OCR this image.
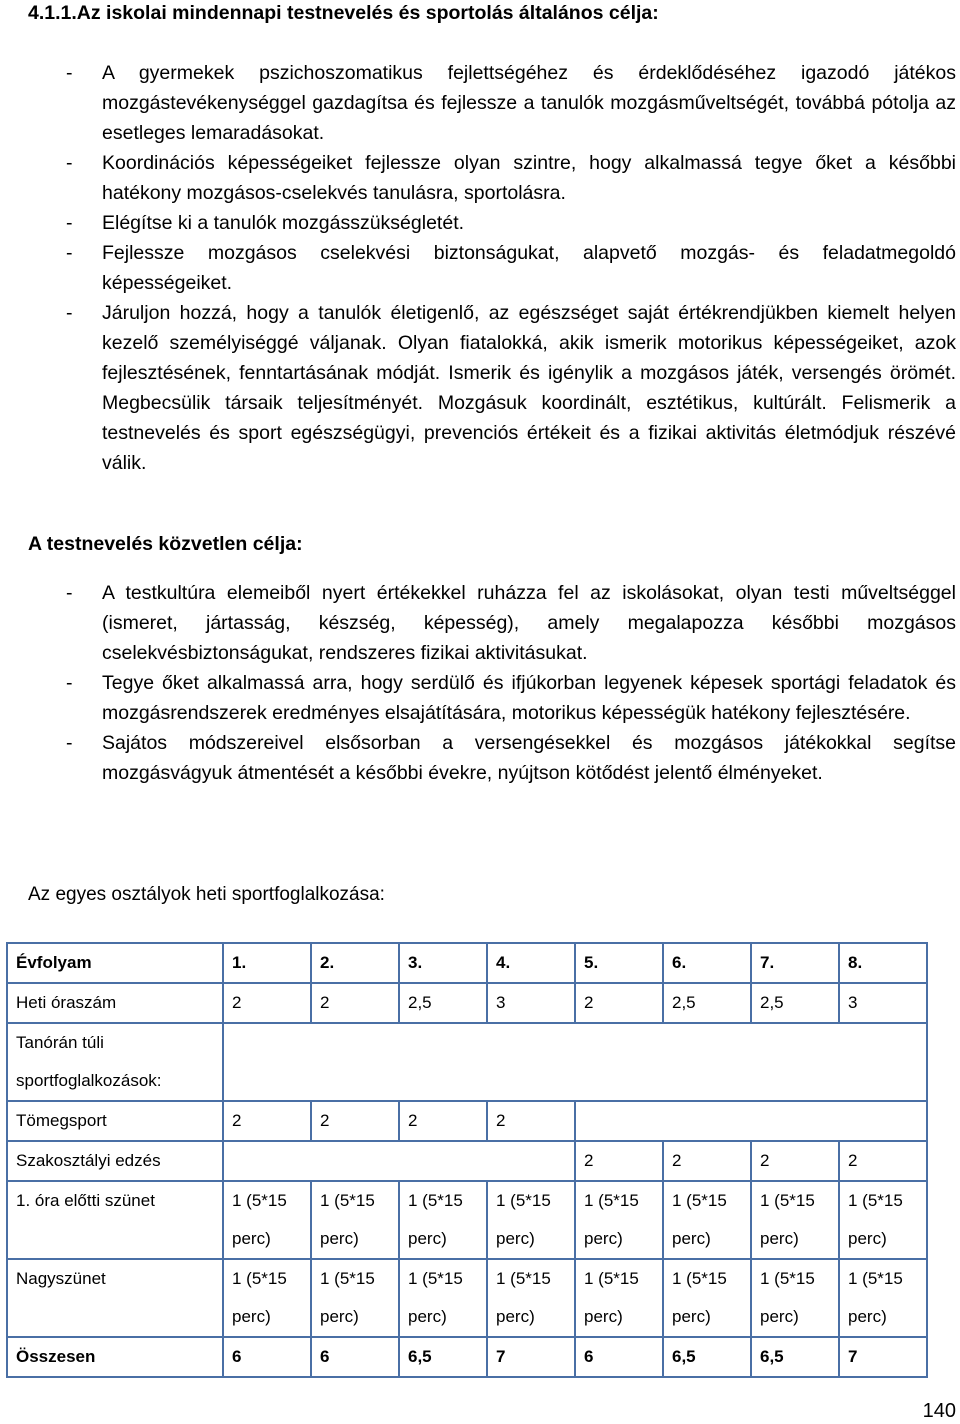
4.1.1.Az iskolai mindennapi testnevelés és sportolás általános célja:
- A gyermekek pszichoszomatikus fejlettségéhez és érdeklődéséhez igazodó játékos mozgástevékenységgel gazdagítsa és fejlessze a tanulók mozgásműveltségét, továbbá pótolja az esetleges lemaradásokat.
- Koordinációs képességeiket fejlessze olyan szintre, hogy alkalmassá tegye őket a későbbi hatékony mozgásos-cselekvés tanulásra, sportolásra.
- Elégítse ki a tanulók mozgásszükségletét.
- Fejlessze mozgásos cselekvési biztonságukat, alapvető mozgás- és feladatmegoldó képességeiket.
- Járuljon hozzá, hogy a tanulók életigenlő, az egészséget saját értékrendjükben kiemelt helyen kezelő személyiséggé váljanak. Olyan fiatalokká, akik ismerik motorikus képességeiket, azok fejlesztésének, fenntartásának módját. Ismerik és igénylik a mozgásos játék, versengés örömét. Megbecsülik társaik teljesítményét. Mozgásuk koordinált, esztétikus, kultúrált. Felismerik a testnevelés és sport egészségügyi, prevenciós értékeit és a fizikai aktivitás életmódjuk részévé válik.
A testnevelés közvetlen célja:
- A testkultúra elemeiből nyert értékekkel ruházza fel az iskolásokat, olyan testi műveltséggel (ismeret, jártasság, készség, képesség), amely megalapozza későbbi mozgásos cselekvésbiztonságukat, rendszeres fizikai aktivitásukat.
- Tegye őket alkalmassá arra, hogy serdülő és ifjúkorban legyenek képesek sportági feladatok és mozgásrendszerek eredményes elsajátítására, motorikus képességük hatékony fejlesztésére.
- Sajátos módszereivel elsősorban a versengésekkel és mozgásos játékokkal segítse mozgásvágyuk átmentését a későbbi évekre, nyújtson kötődést jelentő élményeket.

Az egyes osztályok heti sportfoglalkozása:

Évfolyam	1.	2.	3.	4.	5.	6.	7.	8.
Heti óraszám	2	2	2,5	3	2	2,5	2,5	3
Tanórán túli sportfoglalkozások:								
Tömegsport	2	2	2	2				
Szakosztályi edzés					2	2	2	2
1. óra előtti szünet	1 (5*15 perc)	1 (5*15 perc)	1 (5*15 perc)	1 (5*15 perc)	1 (5*15 perc)	1 (5*15 perc)	1 (5*15 perc)	1 (5*15 perc)
Nagyszünet	1 (5*15 perc)	1 (5*15 perc)	1 (5*15 perc)	1 (5*15 perc)	1 (5*15 perc)	1 (5*15 perc)	1 (5*15 perc)	1 (5*15 perc)
Összesen	6	6	6,5	7	6	6,5	6,5	7
140
